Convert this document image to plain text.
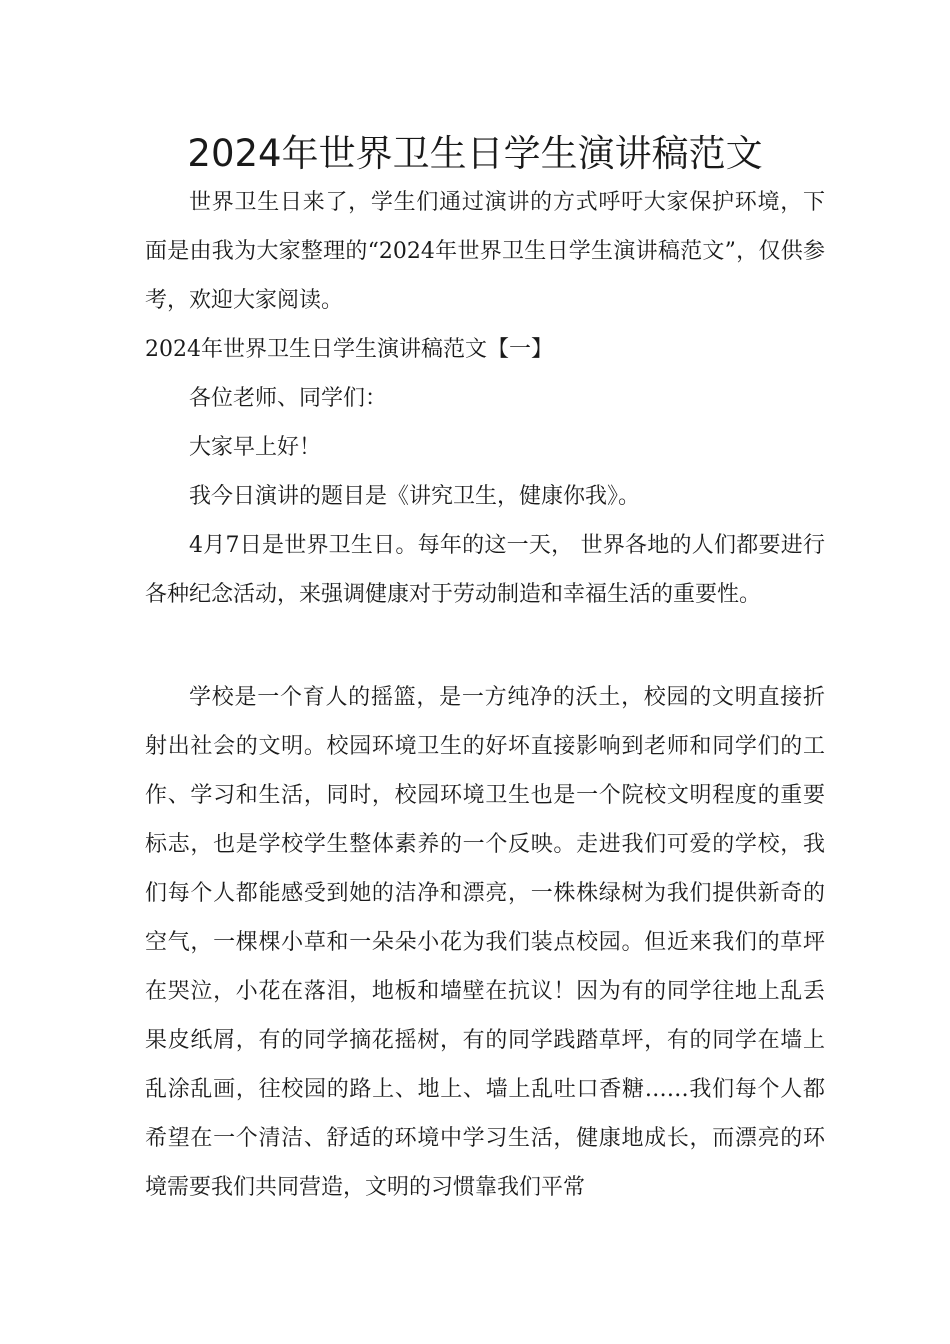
2024年世界卫生日学生演讲稿范文

世界卫生日来了，学生们通过演讲的方式呼吁大家保护环境，下面是由我为大家整理的“2024年世界卫生日学生演讲稿范文”，仅供参考，欢迎大家阅读。

2024年世界卫生日学生演讲稿范文【一】

各位老师、同学们：

大家早上好！

我今日演讲的题目是《讲究卫生，健康你我》。

4月7日是世界卫生日。每年的这一天， 世界各地的人们都要进行各种纪念活动，来强调健康对于劳动制造和幸福生活的重要性。

学校是一个育人的摇篮，是一方纯净的沃土，校园的文明直接折射出社会的文明。校园环境卫生的好坏直接影响到老师和同学们的工作、学习和生活，同时，校园环境卫生也是一个院校文明程度的重要标志，也是学校学生整体素养的一个反映。走进我们可爱的学校，我们每个人都能感受到她的洁净和漂亮，一株株绿树为我们提供新奇的空气，一棵棵小草和一朵朵小花为我们装点校园。但近来我们的草坪在哭泣，小花在落泪，地板和墙壁在抗议！因为有的同学往地上乱丢果皮纸屑，有的同学摘花摇树，有的同学践踏草坪，有的同学在墙上乱涂乱画，往校园的路上、地上、墙上乱吐口香糖……我们每个人都希望在一个清洁、舒适的环境中学习生活，健康地成长，而漂亮的环境需要我们共同营造，文明的习惯靠我们平常
